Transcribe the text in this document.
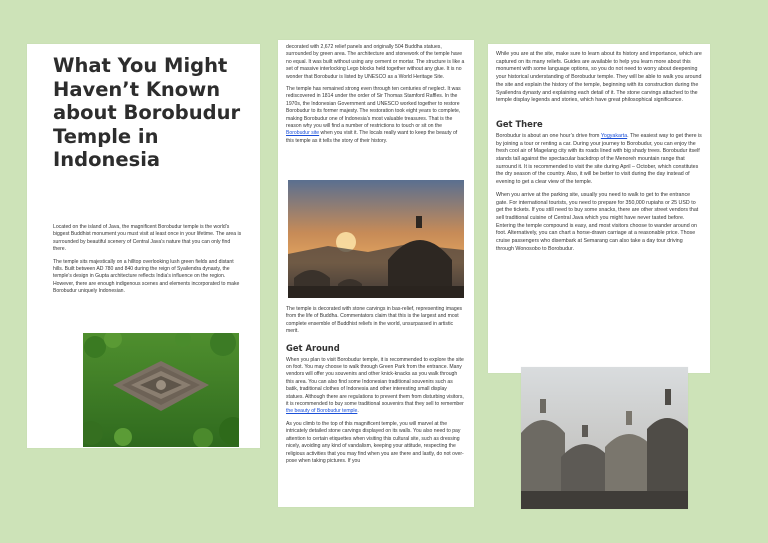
What You Might Haven’t Known about Borobudur Temple in Indonesia

Located on the island of Java, the magnificent Borobudur temple is the world’s biggest Buddhist monument you must visit at least once in your lifetime. The area is surrounded by beautiful scenery of Central Java’s nature that you can only find there.

The temple sits majestically on a hilltop overlooking lush green fields and distant hills. Built between AD 780 and 840 during the reign of Syailendra dynasty, the temple’s design in Gupta architecture reflects India’s influence on the region. However, there are enough indigenous scenes and elements incorporated to make Borobudur uniquely Indonesian.

decorated with 2,672 relief panels and originally 504 Buddha statues, surrounded by green area. The architecture and stonework of the temple have no equal. It was built without using any cement or mortar. The structure is like a set of massive interlocking Lego blocks held together without any glue. It is no wonder that Borobudur is listed by UNESCO as a World Heritage Site.

The temple has remained strong even through ten centuries of neglect. It was rediscovered in 1814 under the order of Sir Thomas Stamford Raffles. In the 1970s, the Indonesian Government and UNESCO worked together to restore Borobudur to its former majesty. The restoration took eight years to complete, making Borobudur one of Indonesia’s most valuable treasures. That is the reason why you will find a number of restrictions to touch or sit on the Borobudur site when you visit it. The locals really want to keep the beauty of this temple as it tells the story of their history.

The temple is decorated with stone carvings in bas-relief, representing images from the life of Buddha. Commentators claim that this is the largest and most complete ensemble of Buddhist reliefs in the world, unsurpassed in artistic merit.

Get Around

When you plan to visit Borobudur temple, it is recommended to explore the site on foot. You may choose to walk through Green Park from the entrance. Many vendors will offer you souvenirs and other knick-knacks as you walk through this area. You can also find some Indonesian traditional souvenirs such as batik, traditional clothes of Indonesia and other interesting small display statues. Although there are regulations to prevent them from disturbing visitors, it is recommended to buy some traditional souvenirs that they sell to remember the beauty of Borobudur temple.

As you climb to the top of this magnificent temple, you will marvel at the intricately detailed stone carvings displayed on its walls. You also need to pay attention to certain etiquettes when visiting this cultural site, such as dressing nicely, avoiding any kind of vandalism, keeping your attitude, respecting the religious activities that you may find when you are there and lastly, do not over-pose when taking pictures. If you

While you are at the site, make sure to learn about its history and importance, which are captured on its many reliefs. Guides are available to help you learn more about this monument with some language options, so you do not need to worry about deepening your historical understanding of Borobudur temple. They will be able to walk you around the site and explain the history of the temple, beginning with its construction during the Syailendra dynasty and explaining each detail of it. The stone carvings attached to the temple display legends and stories, which have great philosophical significance.

Get There

Borobudur is about an one hour’s drive from Yogyakarta. The easiest way to get there is by joining a tour or renting a car. During your journey to Borobudur, you can enjoy the fresh cool air of Magelang city with its roads lined with big shady trees. Borobudur itself stands tall against the spectacular backdrop of the Menoreh mountain range that surround it. It is recommended to visit the site during April – October, which constitutes the dry season of the country. Also, it will be better to visit during the day instead of evening to get a clear view of the temple.

When you arrive at the parking site, usually you need to walk to get to the entrance gate. For international tourists, you need to prepare for 350,000 rupiahs or 25 USD to get the tickets. If you still need to buy some snacks, there are other street vendors that sell traditional cuisine of Central Java which you might have never tasted before. Entering the temple compound is easy, and most visitors choose to wander around on foot. Alternatively, you can chart a horse-drawn carriage at a reasonable price. Those cruise passengers who disembark at Semarang can also take a day tour driving through Wonosobo to Borobudur.
